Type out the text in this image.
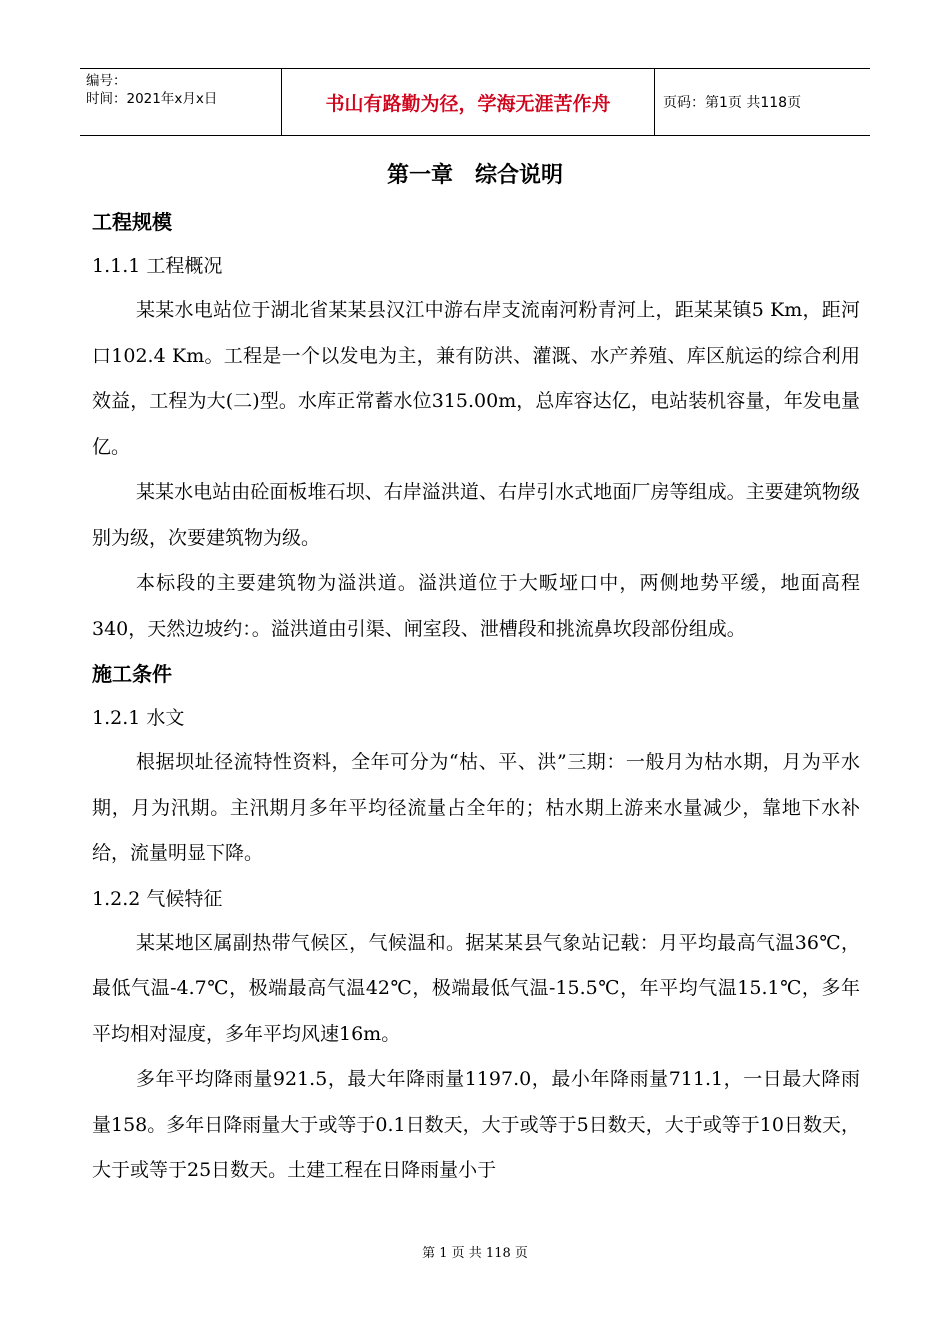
编号：
时间：2021年x月x日	书山有路勤为径，学海无涯苦作舟	页码：第1页 共118页
第一章　综合说明
工程规模
1.1.1 工程概况

某某水电站位于湖北省某某县汉江中游右岸支流南河粉青河上，距某某镇5 Km，距河口102.4 Km。工程是一个以发电为主，兼有防洪、灌溉、水产养殖、库区航运的综合利用效益，工程为大(二)型。水库正常蓄水位315.00m，总库容达亿，电站装机容量，年发电量亿。

某某水电站由砼面板堆石坝、右岸溢洪道、右岸引水式地面厂房等组成。主要建筑物级别为级，次要建筑物为级。

本标段的主要建筑物为溢洪道。溢洪道位于大畈垭口中，两侧地势平缓，地面高程340，天然边坡约：。溢洪道由引渠、闸室段、泄槽段和挑流鼻坎段部份组成。

施工条件
1.2.1 水文

根据坝址径流特性资料，全年可分为“枯、平、洪”三期：一般月为枯水期，月为平水期，月为汛期。主汛期月多年平均径流量占全年的；枯水期上游来水量减少，靠地下水补给，流量明显下降。

1.2.2 气候特征

某某地区属副热带气候区，气候温和。据某某县气象站记载：月平均最高气温36℃，最低气温-4.7℃，极端最高气温42℃，极端最低气温-15.5℃，年平均气温15.1℃，多年平均相对湿度，多年平均风速16m。

多年平均降雨量921.5，最大年降雨量1197.0，最小年降雨量711.1，一日最大降雨量158。多年日降雨量大于或等于0.1日数天，大于或等于5日数天，大于或等于10日数天，大于或等于25日数天。土建工程在日降雨量小于

第 1 页 共 118 页
